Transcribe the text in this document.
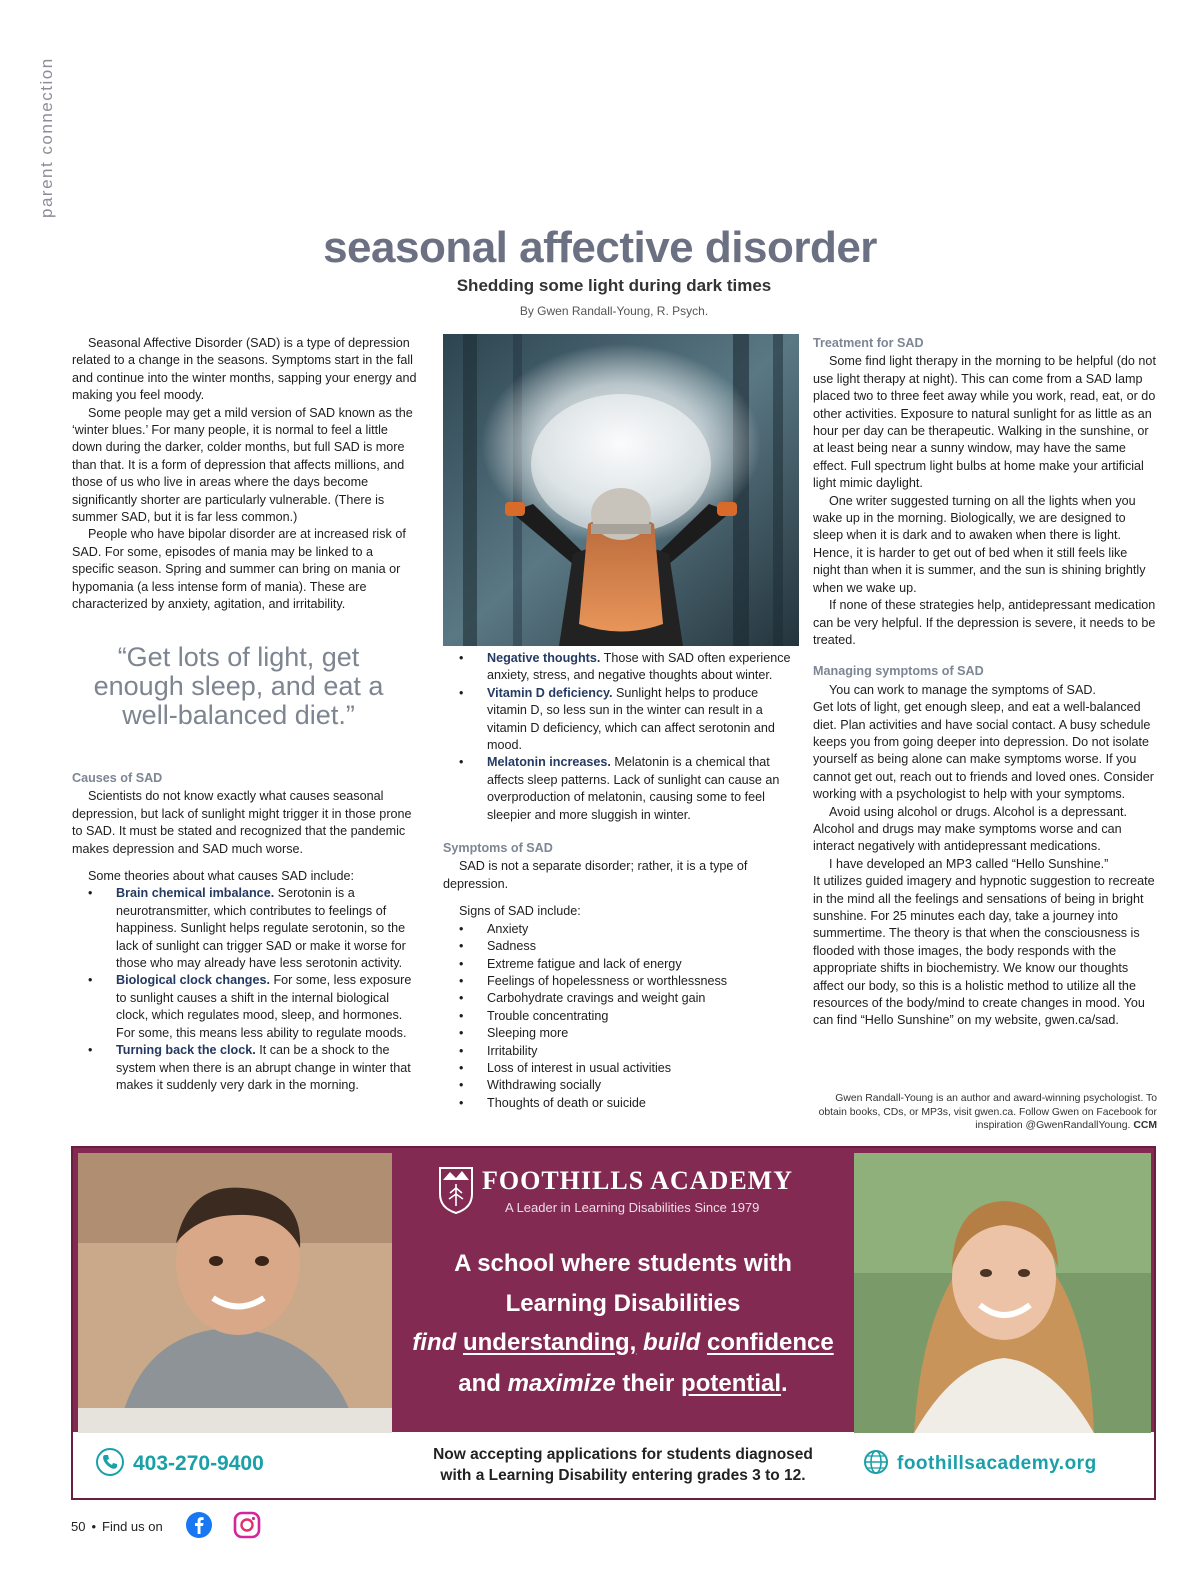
parent connection
seasonal affective disorder
Shedding some light during dark times

By Gwen Randall-Young, R. Psych.

Seasonal Affective Disorder (SAD) is a type of depression related to a change in the seasons. Symptoms start in the fall and continue into the winter months, sapping your energy and making you feel moody.

Some people may get a mild version of SAD known as the ‘winter blues.’ For many people, it is normal to feel a little down during the darker, colder months, but full SAD is more than that. It is a form of depression that affects millions, and those of us who live in areas where the days become significantly shorter are particularly vulnerable. (There is summer SAD, but it is far less common.)

People who have bipolar disorder are at increased risk of SAD. For some, episodes of mania may be linked to a specific season. Spring and summer can bring on mania or hypomania (a less intense form of mania). These are characterized by anxiety, agitation, and irritability.

“Get lots of light, get enough sleep, and eat a well-balanced diet.”

Causes of SAD

Scientists do not know exactly what causes seasonal depression, but lack of sunlight might trigger it in those prone to SAD. It must be stated and recognized that the pandemic makes depression and SAD much worse.

Some theories about what causes SAD include:

• Brain chemical imbalance. Serotonin is a neurotransmitter, which contributes to feelings of happiness. Sunlight helps regulate serotonin, so the lack of sunlight can trigger SAD or make it worse for those who may already have less serotonin activity.
• Biological clock changes. For some, less exposure to sunlight causes a shift in the internal biological clock, which regulates mood, sleep, and hormones. For some, this means less ability to regulate moods.
• Turning back the clock. It can be a shock to the system when there is an abrupt change in winter that makes it suddenly very dark in the morning.
• Negative thoughts. Those with SAD often experience anxiety, stress, and negative thoughts about winter.
• Vitamin D deficiency. Sunlight helps to produce vitamin D, so less sun in the winter can result in a vitamin D deficiency, which can affect serotonin and mood.
• Melatonin increases. Melatonin is a chemical that affects sleep patterns. Lack of sunlight can cause an overproduction of melatonin, causing some to feel sleepier and more sluggish in winter.
Symptoms of SAD

SAD is not a separate disorder; rather, it is a type of depression.

Signs of SAD include:

• Anxiety
• Sadness
• Extreme fatigue and lack of energy
• Feelings of hopelessness or worthlessness
• Carbohydrate cravings and weight gain
• Trouble concentrating
• Sleeping more
• Irritability
• Loss of interest in usual activities
• Withdrawing socially
• Thoughts of death or suicide
Treatment for SAD

Some find light therapy in the morning to be helpful (do not use light therapy at night). This can come from a SAD lamp placed two to three feet away while you work, read, eat, or do other activities. Exposure to natural sunlight for as little as an hour per day can be therapeutic. Walking in the sunshine, or at least being near a sunny window, may have the same effect. Full spectrum light bulbs at home make your artificial light mimic daylight.

One writer suggested turning on all the lights when you wake up in the morning. Biologically, we are designed to sleep when it is dark and to awaken when there is light. Hence, it is harder to get out of bed when it still feels like night than when it is summer, and the sun is shining brightly when we wake up.

If none of these strategies help, antidepressant medication can be very helpful. If the depression is severe, it needs to be treated.

Managing symptoms of SAD

You can work to manage the symptoms of SAD.

Get lots of light, get enough sleep, and eat a well-balanced diet. Plan activities and have social contact. A busy schedule keeps you from going deeper into depression. Do not isolate yourself as being alone can make symptoms worse. If you cannot get out, reach out to friends and loved ones. Consider working with a psychologist to help with your symptoms.

Avoid using alcohol or drugs. Alcohol is a depressant. Alcohol and drugs may make symptoms worse and can interact negatively with antidepressant medications.

I have developed an MP3 called “Hello Sunshine.”

It utilizes guided imagery and hypnotic suggestion to recreate in the mind all the feelings and sensations of being in bright sunshine. For 25 minutes each day, take a journey into summertime. The theory is that when the consciousness is flooded with those images, the body responds with the appropriate shifts in biochemistry. We know our thoughts affect our body, so this is a holistic method to utilize all the resources of the body/mind to create changes in mood. You can find “Hello Sunshine” on my website, gwen.ca/sad.

Gwen Randall-Young is an author and award-winning psychologist. To obtain books, CDs, or MP3s, visit gwen.ca. Follow Gwen on Facebook for inspiration @GwenRandallYoung. CCM
FOOTHILLS ACADEMY
A Leader in Learning Disabilities Since 1979

A school where students with

Learning Disabilities

find understanding, build confidence

and maximize their potential.

403-270-9400	Now accepting applications for students diagnosed
with a Learning Disability entering grades 3 to 12.

foothillsacademy.org
50 • Find us on
